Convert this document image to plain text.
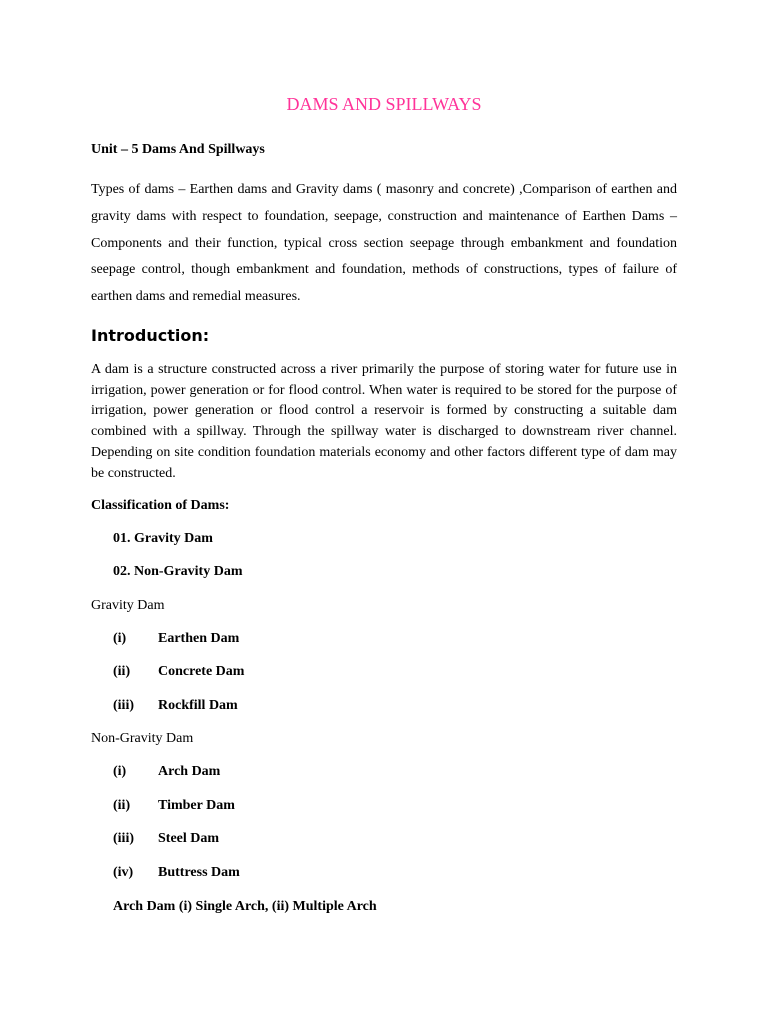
DAMS AND SPILLWAYS
Unit – 5 Dams And Spillways

Types of dams – Earthen dams and Gravity dams ( masonry and concrete) ,Comparison of earthen and gravity dams with respect to foundation, seepage, construction and maintenance of Earthen Dams – Components and their function, typical cross section seepage through embankment and foundation seepage control, though embankment and foundation, methods of constructions, types of failure of earthen dams and remedial measures.

Introduction:

A dam is a structure constructed across a river primarily the purpose of storing water for future use in irrigation, power generation or for flood control. When water is required to be stored for the purpose of irrigation, power generation or flood control a reservoir is formed by constructing a suitable dam combined with a spillway. Through the spillway water is discharged to downstream river channel. Depending on site condition foundation materials economy and other factors different type of dam may be constructed.

Classification of Dams:
01. Gravity Dam
02. Non-Gravity Dam
Gravity Dam
(i) Earthen Dam
(ii) Concrete Dam
(iii) Rockfill Dam
Non-Gravity Dam
(i) Arch Dam
(ii) Timber Dam
(iii) Steel Dam
(iv) Buttress Dam
Arch Dam (i) Single Arch, (ii) Multiple Arch
